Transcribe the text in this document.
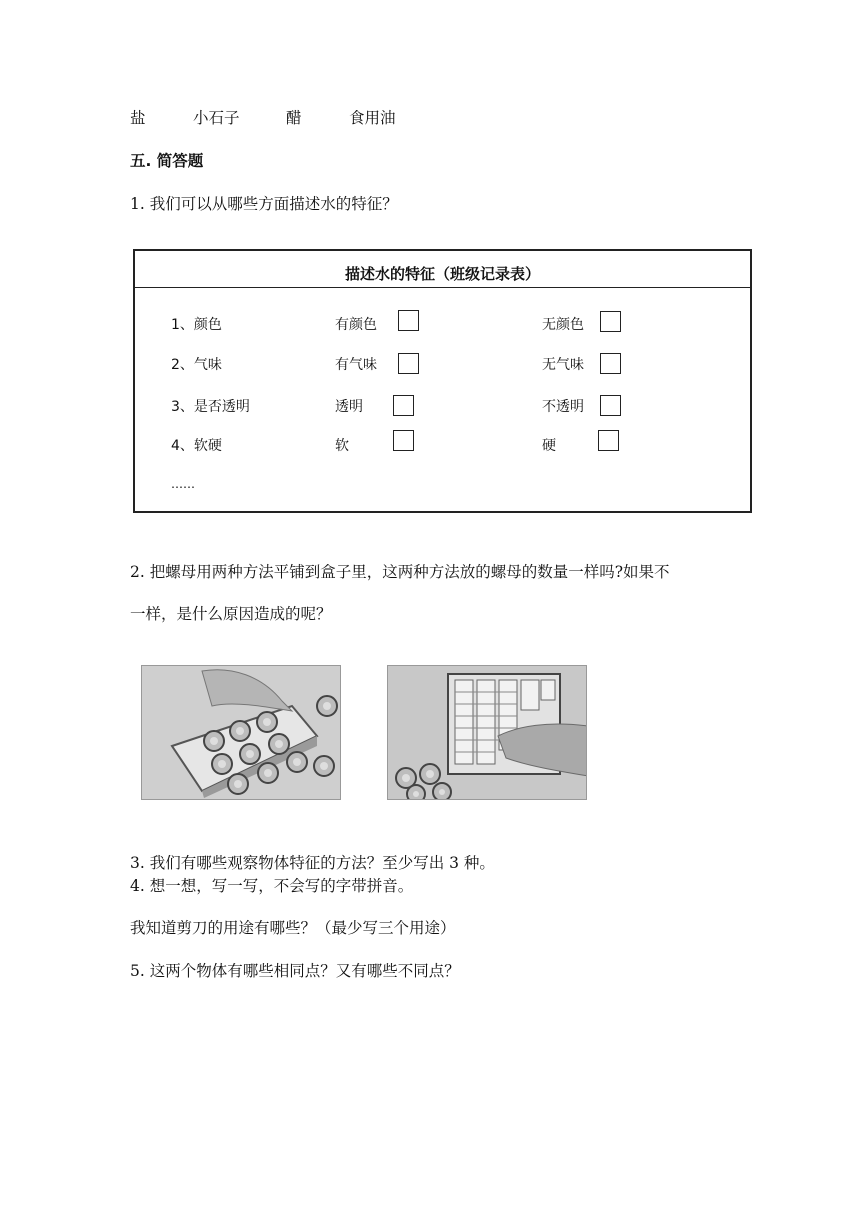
盐	小石子	醋	食用油
五. 简答题
1. 我们可以从哪些方面描述水的特征？
描述水的特征（班级记录表）
1、颜色	有颜色	无颜色
2、气味	有气味	无气味
3、是否透明	透明	不透明
4、软硬	软	硬
……
2. 把螺母用两种方法平铺到盒子里，这两种方法放的螺母的数量一样吗?如果不
一样，是什么原因造成的呢？
3. 我们有哪些观察物体特征的方法？至少写出 3 种。
4. 想一想，写一写，不会写的字带拼音。
我知道剪刀的用途有哪些？（最少写三个用途）
5. 这两个物体有哪些相同点？又有哪些不同点？
